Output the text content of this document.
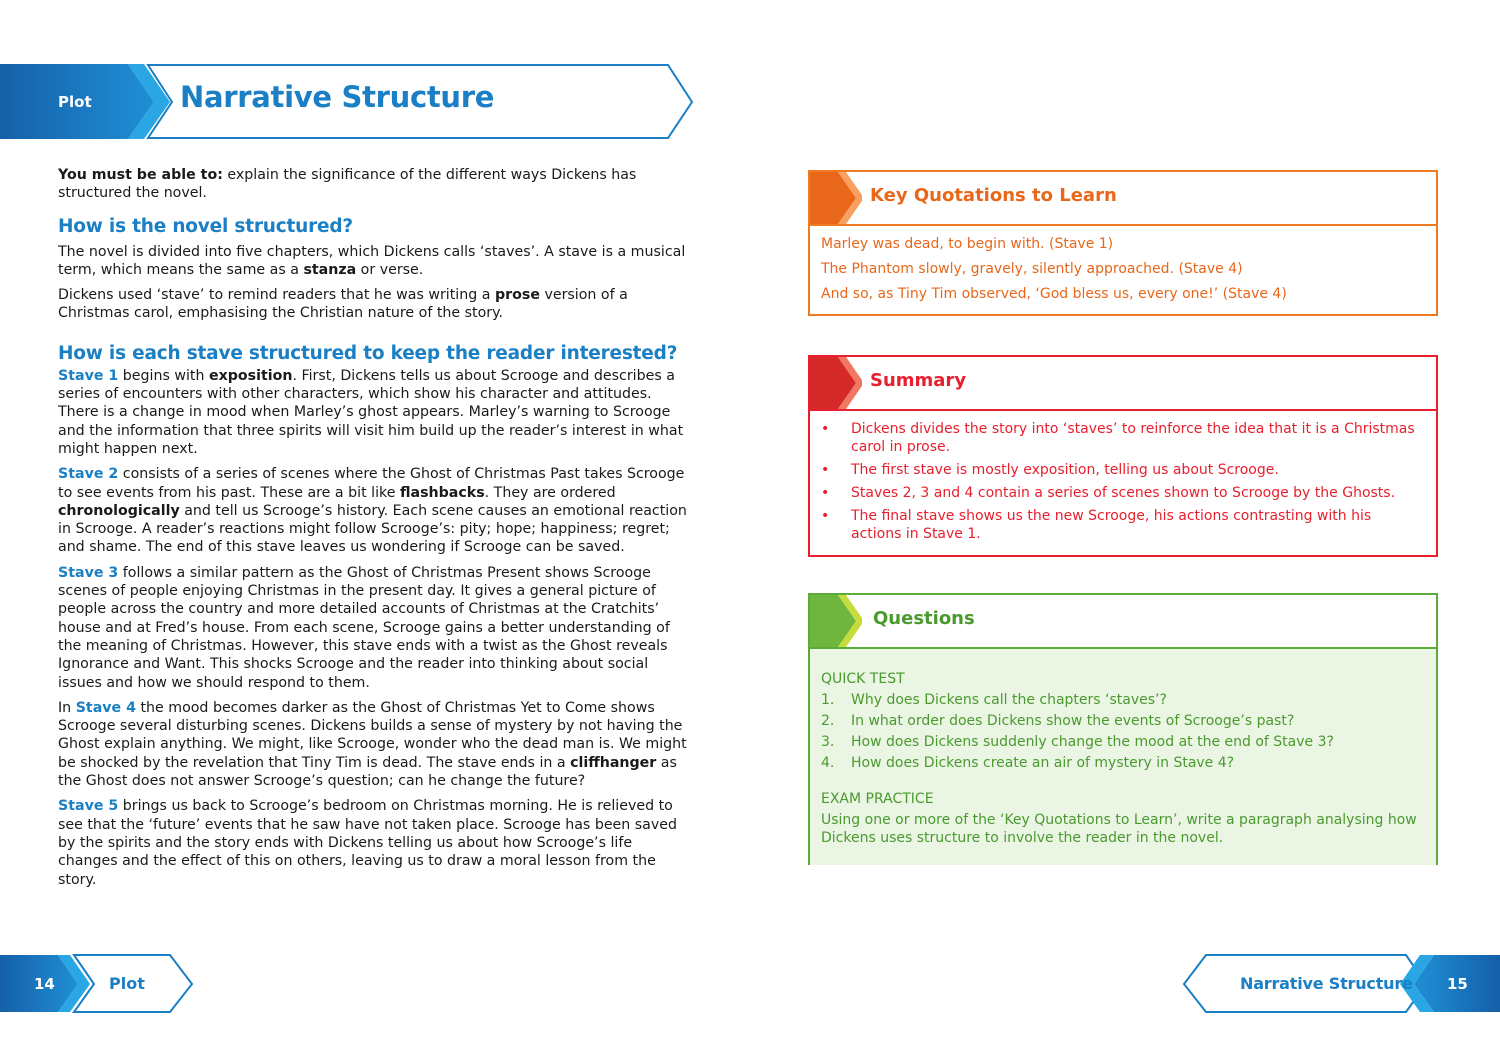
Plot	Narrative Structure

You must be able to: explain the significance of the different ways Dickens has structured the novel.

How is the novel structured?

The novel is divided into five chapters, which Dickens calls ‘staves’. A stave is a musical term, which means the same as a stanza or verse.

Dickens used ‘stave’ to remind readers that he was writing a prose version of a Christmas carol, emphasising the Christian nature of the story.

How is each stave structured to keep the reader interested?

Stave 1 begins with exposition. First, Dickens tells us about Scrooge and describes a series of encounters with other characters, which show his character and attitudes. There is a change in mood when Marley’s ghost appears. Marley’s warning to Scrooge and the information that three spirits will visit him build up the reader’s interest in what might happen next.

Stave 2 consists of a series of scenes where the Ghost of Christmas Past takes Scrooge to see events from his past. These are a bit like flashbacks. They are ordered chronologically and tell us Scrooge’s history. Each scene causes an emotional reaction in Scrooge. A reader’s reactions might follow Scrooge’s: pity; hope; happiness; regret; and shame. The end of this stave leaves us wondering if Scrooge can be saved.

Stave 3 follows a similar pattern as the Ghost of Christmas Present shows Scrooge scenes of people enjoying Christmas in the present day. It gives a general picture of people across the country and more detailed accounts of Christmas at the Cratchits’ house and at Fred’s house. From each scene, Scrooge gains a better understanding of the meaning of Christmas. However, this stave ends with a twist as the Ghost reveals Ignorance and Want. This shocks Scrooge and the reader into thinking about social issues and how we should respond to them.

In Stave 4 the mood becomes darker as the Ghost of Christmas Yet to Come shows Scrooge several disturbing scenes. Dickens builds a sense of mystery by not having the Ghost explain anything. We might, like Scrooge, wonder who the dead man is. We might be shocked by the revelation that Tiny Tim is dead. The stave ends in a cliffhanger as the Ghost does not answer Scrooge’s question; can he change the future?

Stave 5 brings us back to Scrooge’s bedroom on Christmas morning. He is relieved to see that the ‘future’ events that he saw have not taken place. Scrooge has been saved by the spirits and the story ends with Dickens telling us about how Scrooge’s life changes and the effect of this on others, leaving us to draw a moral lesson from the story.

Key Quotations to Learn
Marley was dead, to begin with. (Stave 1)
The Phantom slowly, gravely, silently approached. (Stave 4)
And so, as Tiny Tim observed, ‘God bless us, every one!’ (Stave 4)
Summary
• Dickens divides the story into ‘staves’ to reinforce the idea that it is a Christmas carol in prose.
• The first stave is mostly exposition, telling us about Scrooge.
• Staves 2, 3 and 4 contain a series of scenes shown to Scrooge by the Ghosts.
• The final stave shows us the new Scrooge, his actions contrasting with his actions in Stave 1.
Questions
QUICK TEST
1. Why does Dickens call the chapters ‘staves’?
2. In what order does Dickens show the events of Scrooge’s past?
3. How does Dickens suddenly change the mood at the end of Stave 3?
4. How does Dickens create an air of mystery in Stave 4?
EXAM PRACTICE
Using one or more of the ‘Key Quotations to Learn’, write a paragraph analysing how Dickens uses structure to involve the reader in the novel.
14	Plot	Narrative Structure 15
